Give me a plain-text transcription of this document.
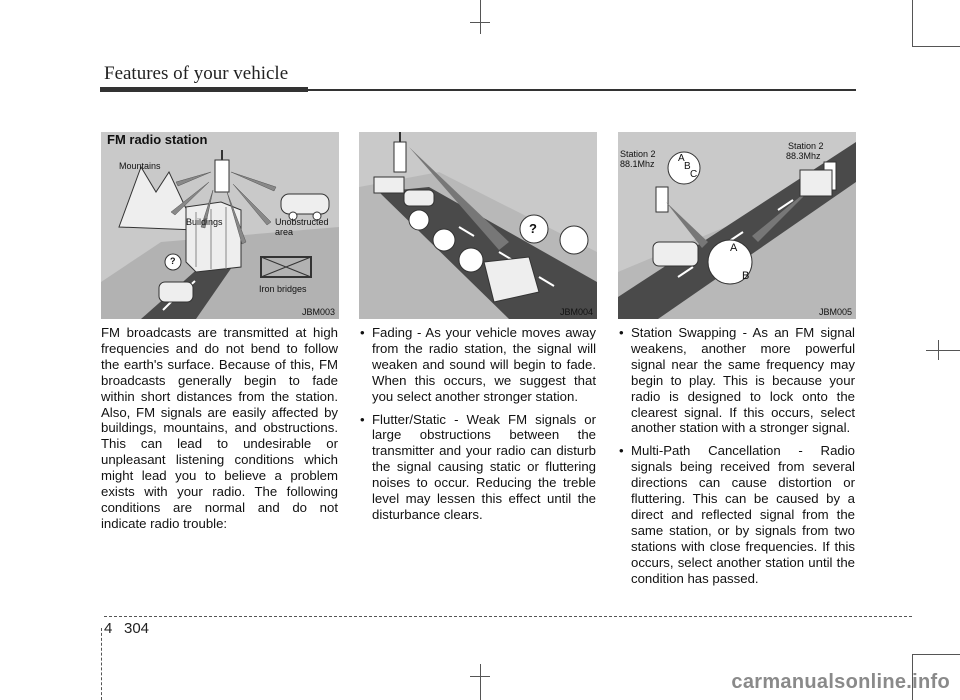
Features of your vehicle
FM radio station
Mountains
Buildings	Unobstructed
area
Iron bridges
?
JBM003
?
JBM004
Station 2
88.1Mhz
Station 2
88.3Mhz
A
B
C
A
B
JBM005

FM broadcasts are transmitted at high frequencies and do not bend to follow the earth's surface. Because of this, FM broadcasts generally begin to fade within short distances from the station. Also, FM signals are easily affected by buildings, mountains, and obstructions. This can lead to undesirable or unpleasant listening conditions which might lead you to believe a problem exists with your radio. The following conditions are normal and do not indicate radio trouble:

• Fading - As your vehicle moves away from the radio station, the signal will weaken and sound will begin to fade. When this occurs, we suggest that you select another stronger station.
• Flutter/Static - Weak FM signals or large obstructions between the transmitter and your radio can disturb the signal causing static or fluttering noises to occur. Reducing the treble level may lessen this effect until the disturbance clears.
• Station Swapping - As an FM signal weakens, another more powerful signal near the same frequency may begin to play. This is because your radio is designed to lock onto the clearest signal. If this occurs, select another station with a stronger signal.
• Multi-Path Cancellation - Radio signals being received from several directions can cause distortion or fluttering. This can be caused by a direct and reflected signal from the same station, or by signals from two stations with close frequencies. If this occurs, select another station until the condition has passed.
4 304
carmanualsonline.info
